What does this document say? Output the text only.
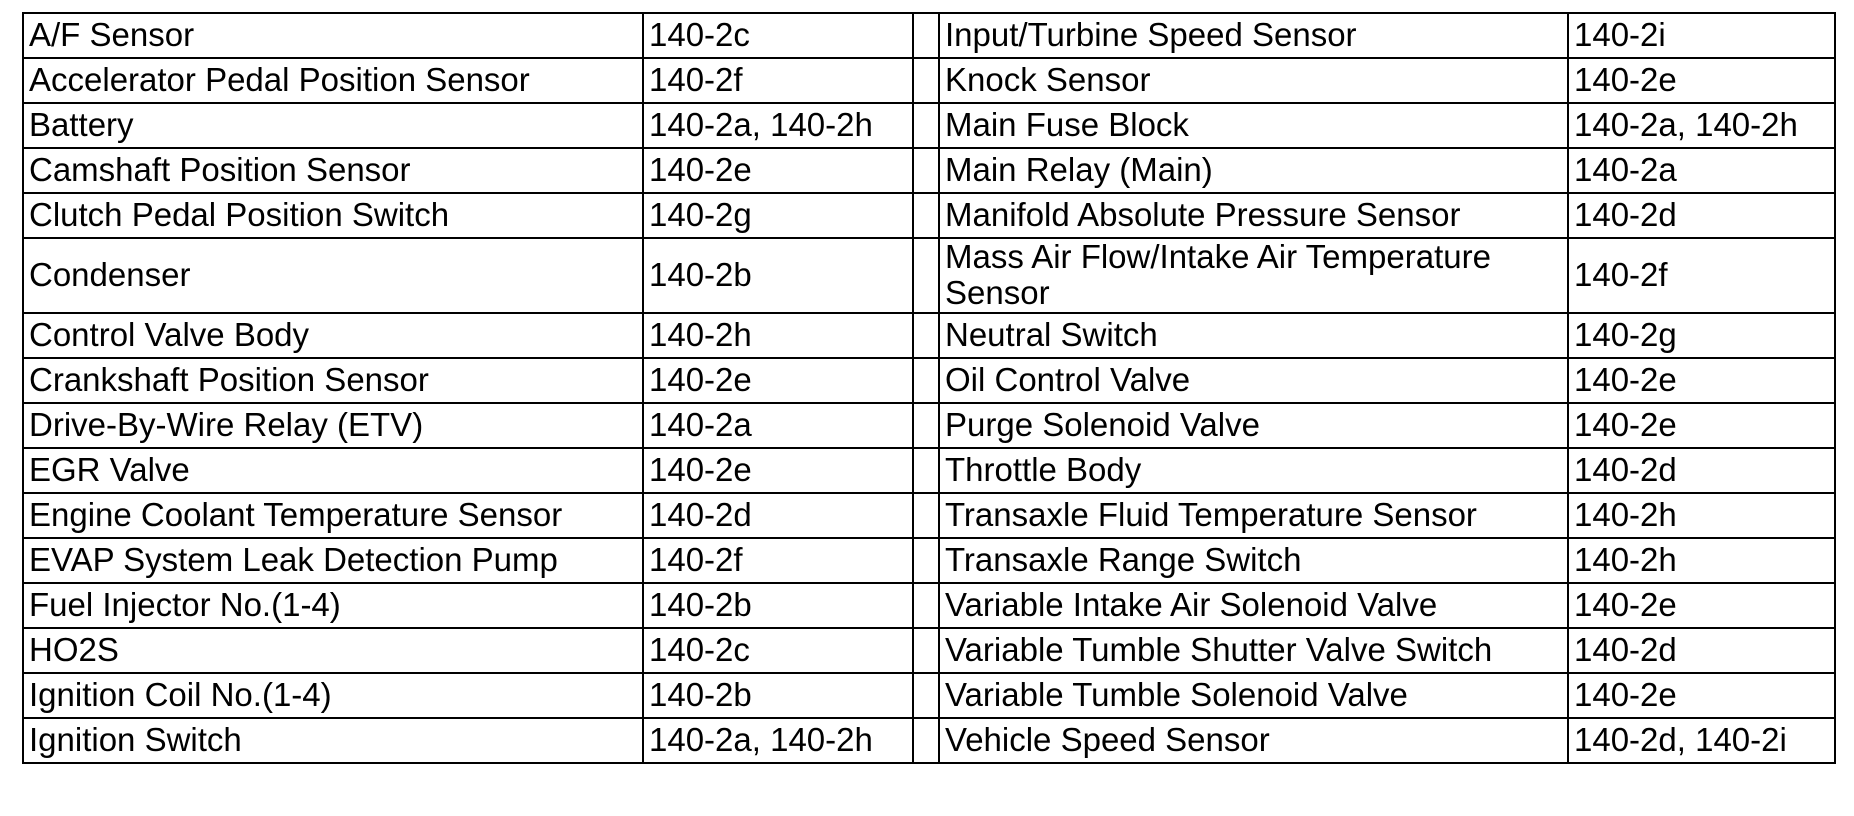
A/F Sensor	140-2c		Input/Turbine Speed Sensor	140-2i
Accelerator Pedal Position Sensor	140-2f		Knock Sensor	140-2e
Battery	140-2a, 140-2h		Main Fuse Block	140-2a, 140-2h
Camshaft Position Sensor	140-2e		Main Relay (Main)	140-2a
Clutch Pedal Position Switch	140-2g		Manifold Absolute Pressure Sensor	140-2d
Condenser	140-2b		Mass Air Flow/Intake Air Temperature Sensor	140-2f
Control Valve Body	140-2h		Neutral Switch	140-2g
Crankshaft Position Sensor	140-2e		Oil Control Valve	140-2e
Drive-By-Wire Relay (ETV)	140-2a		Purge Solenoid Valve	140-2e
EGR Valve	140-2e		Throttle Body	140-2d
Engine Coolant Temperature Sensor	140-2d		Transaxle Fluid Temperature Sensor	140-2h
EVAP System Leak Detection Pump	140-2f		Transaxle Range Switch	140-2h
Fuel Injector No.(1-4)	140-2b		Variable Intake Air Solenoid Valve	140-2e
HO2S	140-2c		Variable Tumble Shutter Valve Switch	140-2d
Ignition Coil No.(1-4)	140-2b		Variable Tumble Solenoid Valve	140-2e
Ignition Switch	140-2a, 140-2h		Vehicle Speed Sensor	140-2d, 140-2i
